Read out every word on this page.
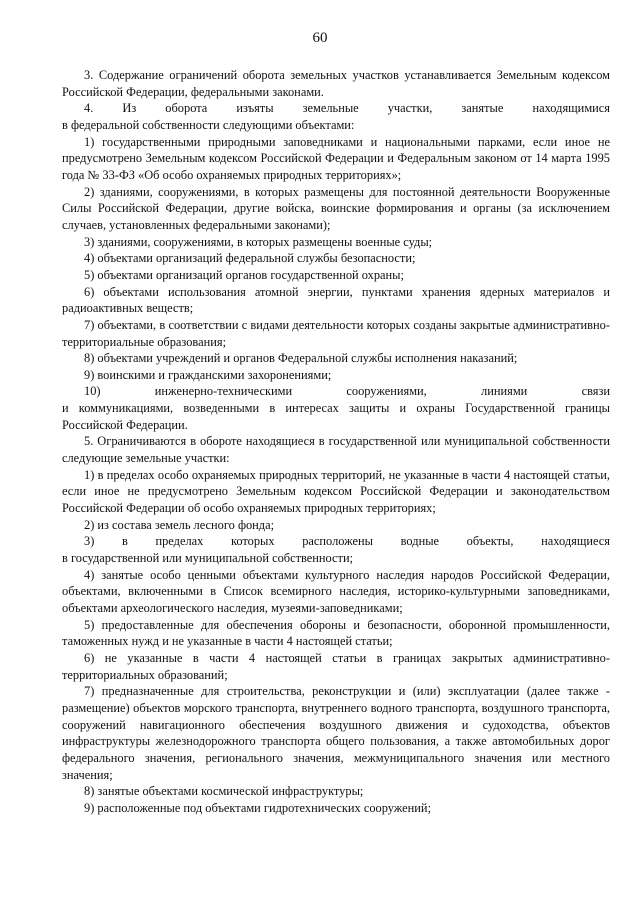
60

3. Содержание ограничений оборота земельных участков устанавливается Земельным кодексом Российской Федерации, федеральными законами.

4. Из оборота изъяты земельные участки, занятые находящимися

в федеральной собственности следующими объектами:

1) государственными природными заповедниками и национальными парками, если иное не предусмотрено Земельным кодексом Российской Федерации и Федеральным законом от 14 марта 1995 года № 33-ФЗ «Об особо охраняемых природных территориях»;

2) зданиями, сооружениями, в которых размещены для постоянной деятельности Вооруженные Силы Российской Федерации, другие войска, воинские формирования и органы (за исключением случаев, установленных федеральными законами);

3) зданиями, сооружениями, в которых размещены военные суды;

4) объектами организаций федеральной службы безопасности;

5) объектами организаций органов государственной охраны;

6) объектами использования атомной энергии, пунктами хранения ядерных материалов и радиоактивных веществ;

7) объектами, в соответствии с видами деятельности которых созданы закрытые административно-территориальные образования;

8) объектами учреждений и органов Федеральной службы исполнения наказаний;

9) воинскими и гражданскими захоронениями;

10) инженерно-техническими сооружениями, линиями связи

и коммуникациями, возведенными в интересах защиты и охраны Государственной границы Российской Федерации.

5. Ограничиваются в обороте находящиеся в государственной или муниципальной собственности следующие земельные участки:

1) в пределах особо охраняемых природных территорий, не указанные в части 4 настоящей статьи, если иное не предусмотрено Земельным кодексом Российской Федерации и законодательством Российской Федерации об особо охраняемых природных территориях;

2) из состава земель лесного фонда;

3) в пределах которых расположены водные объекты, находящиеся

в государственной или муниципальной собственности;

4) занятые особо ценными объектами культурного наследия народов Российской Федерации, объектами, включенными в Список всемирного наследия, историко-культурными заповедниками, объектами археологического наследия, музеями-заповедниками;

5) предоставленные для обеспечения обороны и безопасности, оборонной промышленности, таможенных нужд и не указанные в части 4 настоящей статьи;

6) не указанные в части 4 настоящей статьи в границах закрытых административно-территориальных образований;

7) предназначенные для строительства, реконструкции и (или) эксплуатации (далее также - размещение) объектов морского транспорта, внутреннего водного транспорта, воздушного транспорта, сооружений навигационного обеспечения воздушного движения и судоходства, объектов инфраструктуры железнодорожного транспорта общего пользования, а также автомобильных дорог федерального значения, регионального значения, межмуниципального значения или местного значения;

8) занятые объектами космической инфраструктуры;

9) расположенные под объектами гидротехнических сооружений;
